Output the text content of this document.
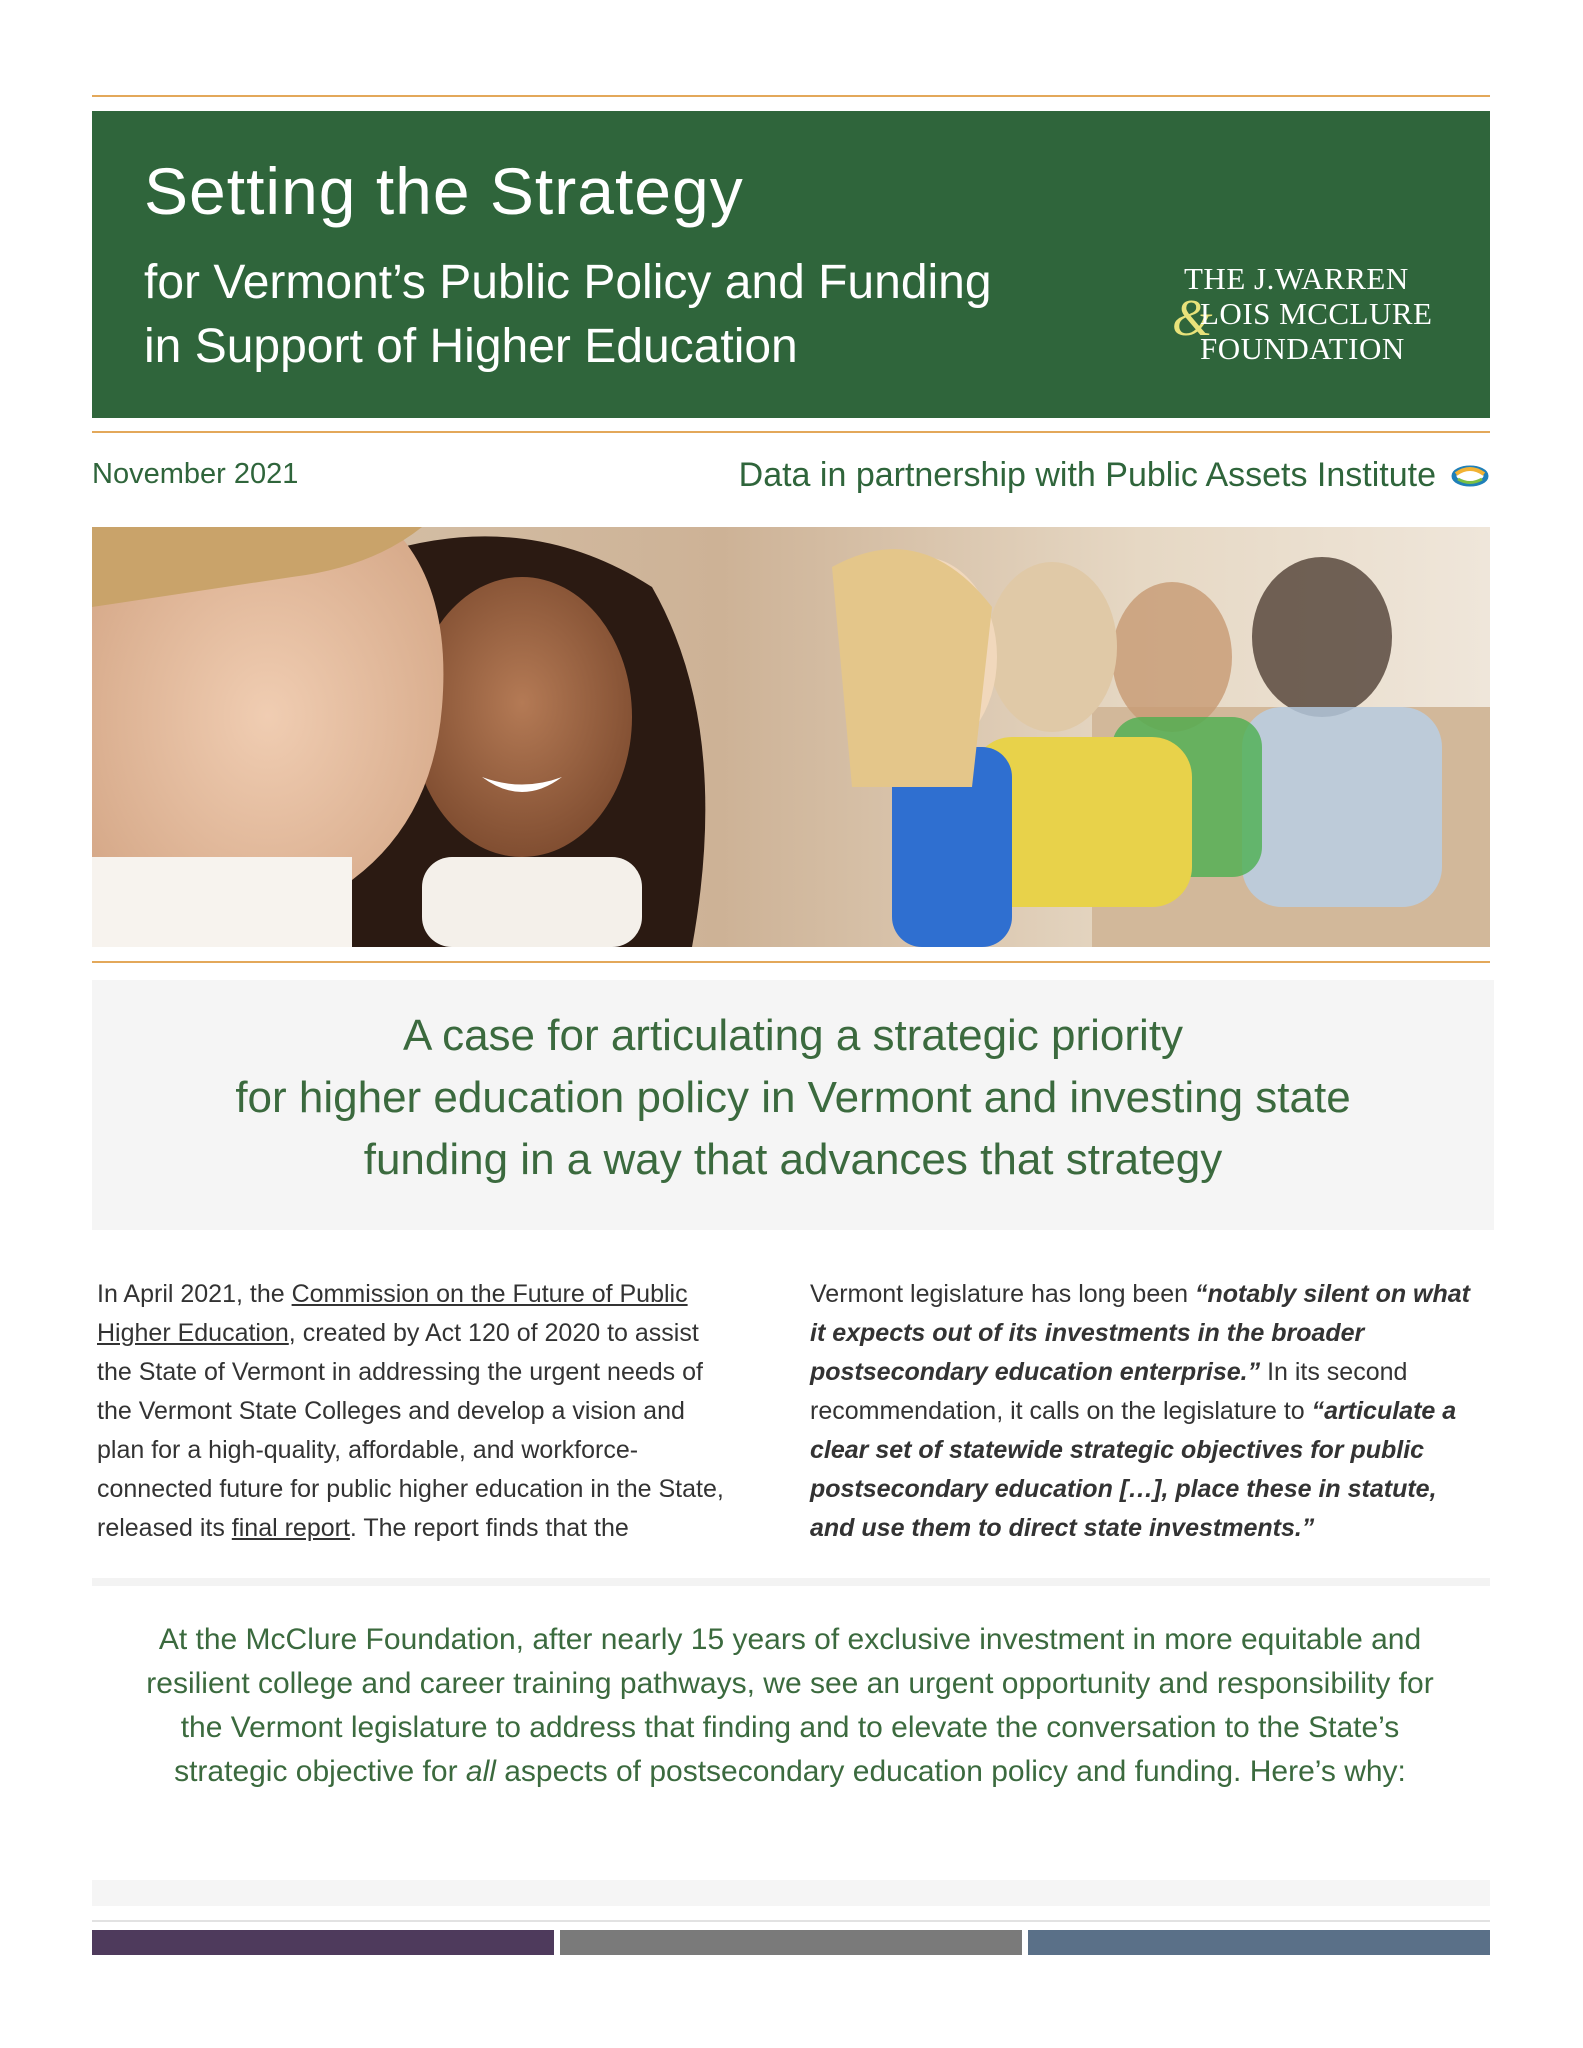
Setting the Strategy
for Vermont’s Public Policy and Funding
in Support of Higher Education
THE J.WARREN
&
LOIS MCCLURE
FOUNDATION
November 2021	Data in partnership with Public Assets Institute
A case for articulating a strategic priority
for higher education policy in Vermont and investing state
funding in a way that advances that strategy

In April 2021, the Commission on the Future of Public Higher Education, created by Act 120 of 2020 to assist the State of Vermont in addressing the urgent needs of the Vermont State Colleges and develop a vision and plan for a high-quality, affordable, and workforce-connected future for public higher education in the State, released its final report. The report finds that the

Vermont legislature has long been “notably silent on what it expects out of its investments in the broader postsecondary education enterprise.” In its second recommendation, it calls on the legislature to “articulate a clear set of statewide strategic objectives for public postsecondary education […], place these in statute, and use them to direct state investments.”

At the McClure Foundation, after nearly 15 years of exclusive investment in more equitable and resilient college and career training pathways, we see an urgent opportunity and responsibility for the Vermont legislature to address that finding and to elevate the conversation to the State’s strategic objective for all aspects of postsecondary education policy and funding. Here’s why:
